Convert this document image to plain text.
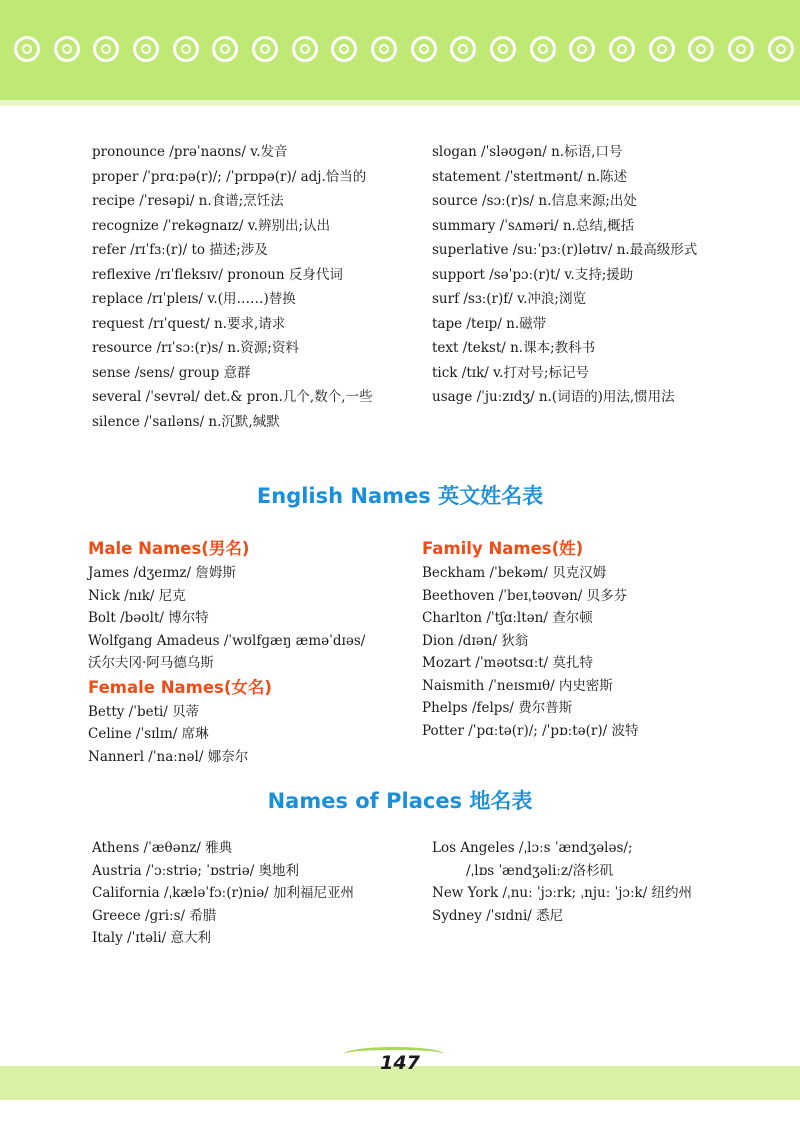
pronounce /prəˈnaʊns/ v.发音
proper /ˈprɑːpə(r)/; /ˈprɒpə(r)/ adj.恰当的
recipe /ˈresəpi/ n.食谱;烹饪法
recognize /ˈrekəɡnaɪz/ v.辨别出;认出
refer /rɪˈfɜː(r)/ to 描述;涉及
reflexive /rɪˈfleksɪv/ pronoun 反身代词
replace /rɪˈpleɪs/ v.(用……)替换
request /rɪˈquest/ n.要求,请求
resource /rɪˈsɔː(r)s/ n.资源;资料
sense /sens/ group 意群
several /ˈsevrəl/ det.& pron.几个,数个,一些
silence /ˈsaɪləns/ n.沉默,缄默
slogan /ˈsləʊɡən/ n.标语,口号
statement /ˈsteɪtmənt/ n.陈述
source /sɔː(r)s/ n.信息来源;出处
summary /ˈsʌməri/ n.总结,概括
superlative /suːˈpɜː(r)lətɪv/ n.最高级形式
support /səˈpɔː(r)t/ v.支持;援助
surf /sɜː(r)f/ v.冲浪;浏览
tape /teɪp/ n.磁带
text /tekst/ n.课本;教科书
tick /tɪk/ v.打对号;标记号
usage /ˈjuːzɪdʒ/ n.(词语的)用法,惯用法
English Names 英文姓名表
Male Names(男名)
James /dʒeɪmz/ 詹姆斯
Nick /nɪk/ 尼克
Bolt /bəʊlt/ 博尔特
Wolfgang Amadeus /ˈwʊlfɡæŋ æməˈdɪəs/
沃尔夫冈·阿马德乌斯
Female Names(女名)
Betty /ˈbeti/ 贝蒂
Celine /ˈsɪlɪn/ 席琳
Nannerl /ˈnaːnəl/ 娜奈尔
Family Names(姓)
Beckham /ˈbekəm/ 贝克汉姆
Beethoven /ˈbeɪˌtəʊvən/ 贝多芬
Charlton /ˈtʃɑːltən/ 查尔顿
Dion /dɪən/ 狄翁
Mozart /ˈməʊtsɑːt/ 莫扎特
Naismith /ˈneɪsmɪθ/ 内史密斯
Phelps /felps/ 费尔普斯
Potter /ˈpɑːtə(r)/; /ˈpɒːtə(r)/ 波特
Names of Places 地名表
Athens /ˈæθənz/ 雅典
Austria /ˈɔːstriə; ˈɒstriə/ 奥地利
California /ˌkæləˈfɔː(r)niə/ 加利福尼亚州
Greece /ɡriːs/ 希腊
Italy /ˈɪtəli/ 意大利
Los Angeles /ˌlɔːs ˈændʒələs/;
/ˌlɒs ˈændʒəliːz/洛杉矶
New York /ˌnuː ˈjɔːrk; ˌnjuː ˈjɔːk/ 纽约州
Sydney /ˈsɪdni/ 悉尼
147
